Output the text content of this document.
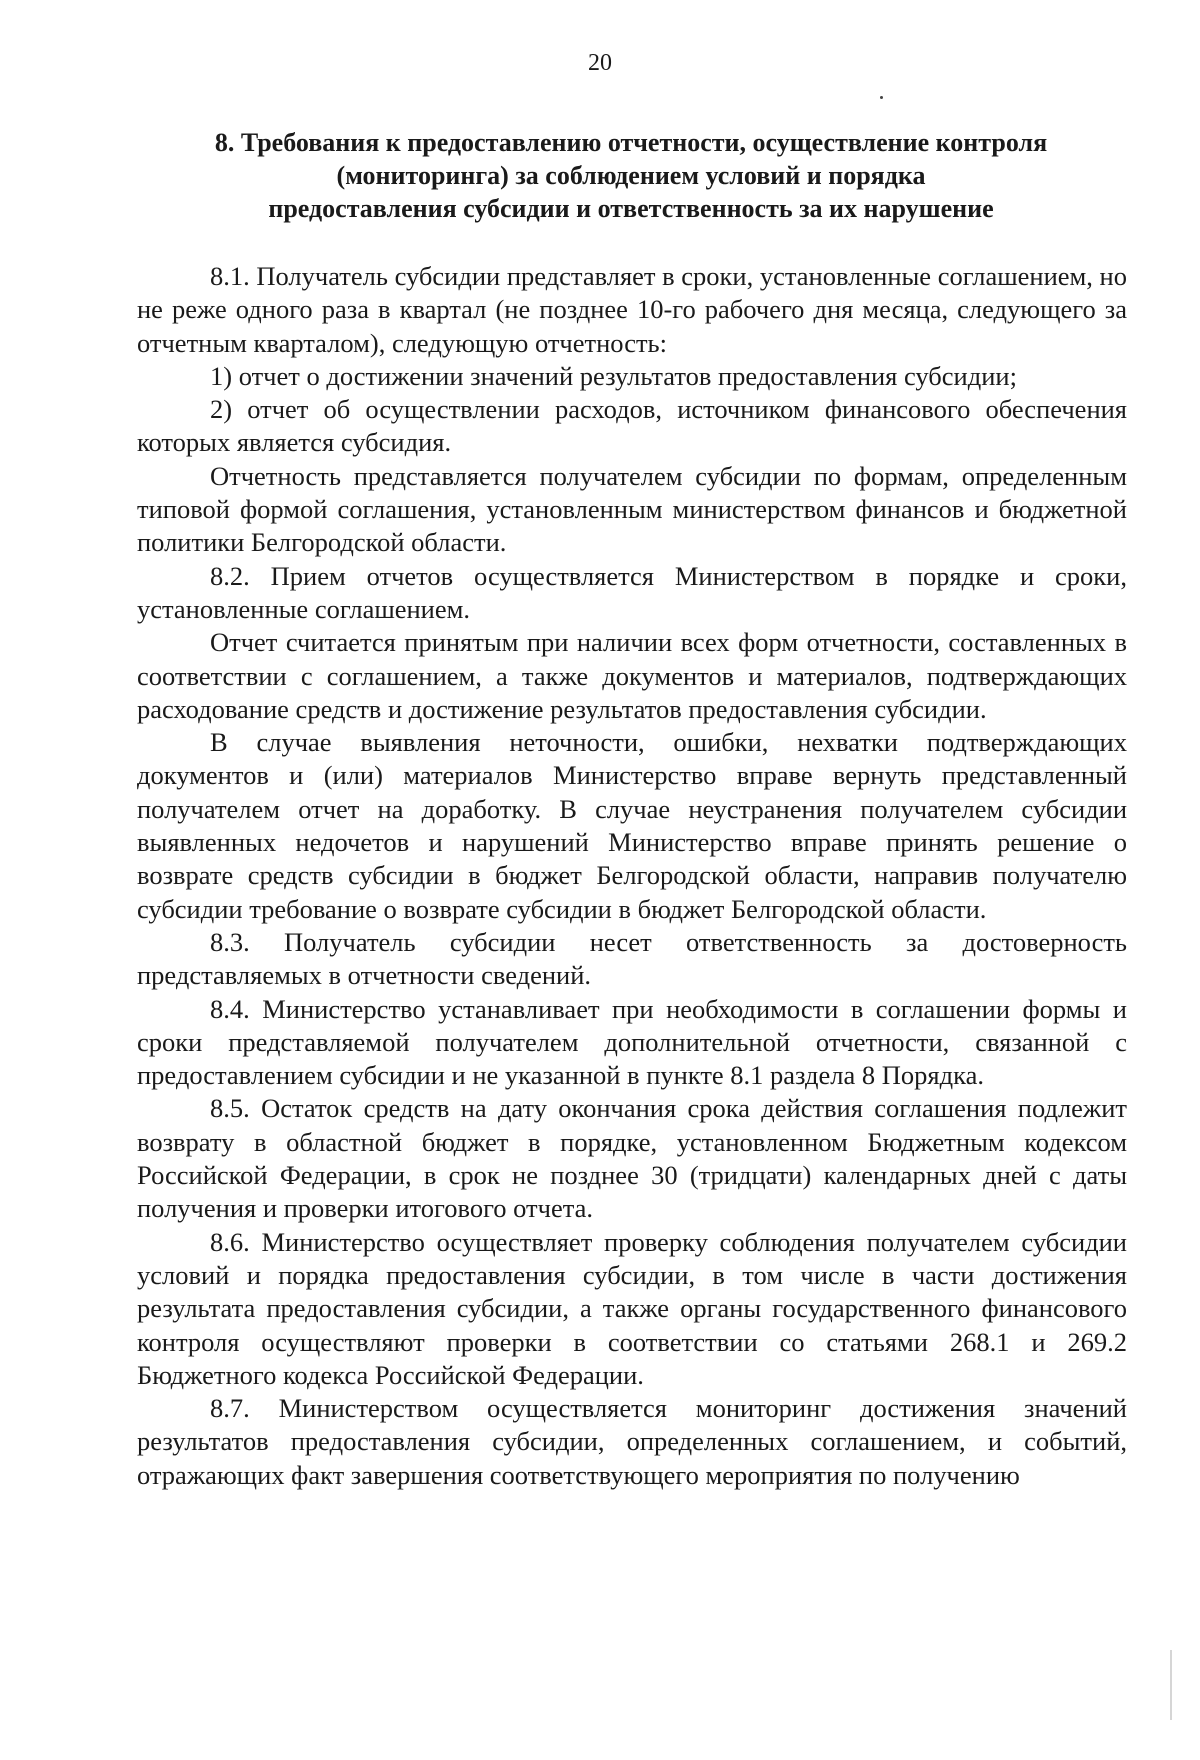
20
8. Требования к предоставлению отчетности, осуществление контроля
(мониторинга) за соблюдением условий и порядка
предоставления субсидии и ответственность за их нарушение

8.1. Получатель субсидии представляет в сроки, установленные соглашением, но не реже одного раза в квартал (не позднее 10-го рабочего дня месяца, следующего за отчетным кварталом), следующую отчетность:

1) отчет о достижении значений результатов предоставления субсидии;

2) отчет об осуществлении расходов, источником финансового обеспечения которых является субсидия.

Отчетность представляется получателем субсидии по формам, определенным типовой формой соглашения, установленным министерством финансов и бюджетной политики Белгородской области.

8.2. Прием отчетов осуществляется Министерством в порядке и сроки, установленные соглашением.

Отчет считается принятым при наличии всех форм отчетности, составленных в соответствии с соглашением, а также документов и материалов, подтверждающих расходование средств и достижение результатов предоставления субсидии.

В случае выявления неточности, ошибки, нехватки подтверждающих документов и (или) материалов Министерство вправе вернуть представленный получателем отчет на доработку. В случае неустранения получателем субсидии выявленных недочетов и нарушений Министерство вправе принять решение о возврате средств субсидии в бюджет Белгородской области, направив получателю субсидии требование о возврате субсидии в бюджет Белгородской области.

8.3. Получатель субсидии несет ответственность за достоверность представляемых в отчетности сведений.

8.4. Министерство устанавливает при необходимости в соглашении формы и сроки представляемой получателем дополнительной отчетности, связанной с предоставлением субсидии и не указанной в пункте 8.1 раздела 8 Порядка.

8.5. Остаток средств на дату окончания срока действия соглашения подлежит возврату в областной бюджет в порядке, установленном Бюджетным кодексом Российской Федерации, в срок не позднее 30 (тридцати) календарных дней с даты получения и проверки итогового отчета.

8.6. Министерство осуществляет проверку соблюдения получателем субсидии условий и порядка предоставления субсидии, в том числе в части достижения результата предоставления субсидии, а также органы государственного финансового контроля осуществляют проверки в соответствии со статьями 268.1 и 269.2 Бюджетного кодекса Российской Федерации.

8.7. Министерством осуществляется мониторинг достижения значений результатов предоставления субсидии, определенных соглашением, и событий, отражающих факт завершения соответствующего мероприятия по получению
